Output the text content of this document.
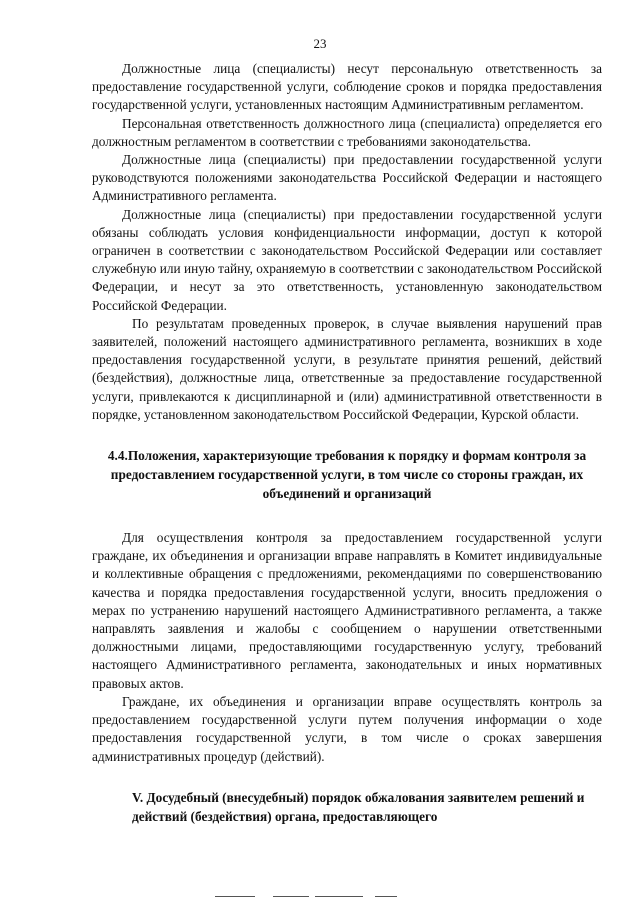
23

Должностные лица (специалисты) несут персональную ответственность за предоставление государственной услуги, соблюдение сроков и порядка предоставления государственной услуги, установленных настоящим Административным регламентом.

Персональная ответственность должностного лица (специалиста) определяется его должностным регламентом в соответствии с требованиями законодательства.

Должностные лица (специалисты) при предоставлении государственной услуги руководствуются положениями законодательства Российской Федерации и настоящего Административного регламента.

Должностные лица (специалисты) при предоставлении государственной услуги обязаны соблюдать условия конфиденциальности информации, доступ к которой ограничен в соответствии с законодательством Российской Федерации или составляет служебную или иную тайну, охраняемую в соответствии с законодательством Российской Федерации, и несут за это ответственность, установленную законодательством Российской Федерации.

По результатам проведенных проверок, в случае выявления нарушений прав заявителей, положений настоящего административного регламента, возникших в ходе предоставления государственной услуги, в результате принятия решений, действий (бездействия), должностные лица, ответственные за предоставление государственной услуги, привлекаются к дисциплинарной и (или) административной ответственности в порядке, установленном законодательством Российской Федерации, Курской области.

4.4.Положения, характеризующие требования к порядку и формам контроля за предоставлением государственной услуги, в том числе со стороны граждан, их объединений и организаций

Для осуществления контроля за предоставлением государственной услуги граждане, их объединения и организации вправе направлять в Комитет индивидуальные и коллективные обращения с предложениями, рекомендациями по совершенствованию качества и порядка предоставления государственной услуги, вносить предложения о мерах по устранению нарушений настоящего Административного регламента, а также направлять заявления и жалобы с сообщением о нарушении ответственными должностными лицами, предоставляющими государственную услугу, требований настоящего Административного регламента, законодательных и иных нормативных правовых актов.

Граждане, их объединения и организации вправе осуществлять контроль за предоставлением государственной услуги путем получения информации о ходе предоставления государственной услуги, в том числе о сроках завершения административных процедур (действий).

V. Досудебный (внесудебный) порядок обжалования заявителем решений и действий (бездействия) органа, предоставляющего
